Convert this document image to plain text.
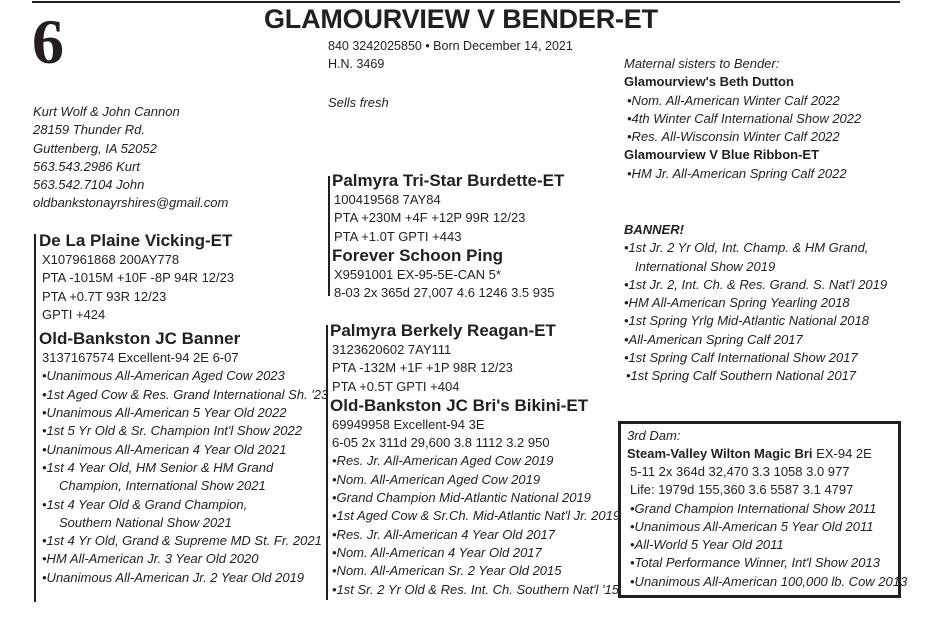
6	GLAMOURVIEW V BENDER-ET
840 3242025850 • Born December 14, 2021
H.N. 3469
Sells fresh
Kurt Wolf & John Cannon
28159 Thunder Rd.
Guttenberg, IA 52052
563.543.2986 Kurt
563.542.7104 John
oldbankstonayrshires@gmail.com
Palmyra Tri-Star Burdette-ET
100419568 7AY84
PTA +230M +4F +12P 99R 12/23
PTA +1.0T GPTI +443
Forever Schoon Ping
X9591001 EX-95-5E-CAN 5*
8-03 2x 365d 27,007 4.6 1246 3.5 935
Palmyra Berkely Reagan-ET
3123620602 7AY111
PTA -132M +1F +1P 98R 12/23
PTA +0.5T GPTI +404
Old-Bankston JC Bri's Bikini-ET
69949958 Excellent-94 3E
6-05 2x 311d 29,600 3.8 1112 3.2 950
•Res. Jr. All-American Aged Cow 2019
•Nom. All-American Aged Cow 2019
•Grand Champion Mid-Atlantic National 2019
•1st Aged Cow & Sr.Ch. Mid-Atlantic Nat'l Jr. 2019
•Res. Jr. All-American 4 Year Old 2017
•Nom. All-American 4 Year Old 2017
•Nom. All-American Sr. 2 Year Old 2015
•1st Sr. 2 Yr Old & Res. Int. Ch. Southern Nat'l '15
De La Plaine Vicking-ET
X107961868 200AY778
PTA -1015M +10F -8P 94R 12/23
PTA +0.7T 93R 12/23
GPTI +424
Old-Bankston JC Banner
3137167574 Excellent-94 2E 6-07
•Unanimous All-American Aged Cow 2023
•1st Aged Cow & Res. Grand International Sh. '23
•Unanimous All-American 5 Year Old 2022
•1st 5 Yr Old & Sr. Champion Int'l Show 2022
•Unanimous All-American 4 Year Old 2021
•1st 4 Year Old, HM Senior & HM Grand
Champion, International Show 2021
•1st 4 Year Old & Grand Champion,
Southern National Show 2021
•1st 4 Yr Old, Grand & Supreme MD St. Fr. 2021
•HM All-American Jr. 3 Year Old 2020
•Unanimous All-American Jr. 2 Year Old 2019
Maternal sisters to Bender:
Glamourview's Beth Dutton
•Nom. All-American Winter Calf 2022
•4th Winter Calf International Show 2022
•Res. All-Wisconsin Winter Calf 2022
Glamourview V Blue Ribbon-ET
•HM Jr. All-American Spring Calf 2022
BANNER!
•1st Jr. 2 Yr Old, Int. Champ. & HM Grand,
International Show 2019
•1st Jr. 2, Int. Ch. & Res. Grand. S. Nat'l 2019
•HM All-American Spring Yearling 2018
•1st Spring Yrlg Mid-Atlantic National 2018
•All-American Spring Calf 2017
•1st Spring Calf International Show 2017
•1st Spring Calf Southern National 2017
3rd Dam:
Steam-Valley Wilton Magic Bri EX-94 2E
5-11 2x 364d 32,470 3.3 1058 3.0 977
Life: 1979d 155,360 3.6 5587 3.1 4797
•Grand Champion International Show 2011
•Unanimous All-American 5 Year Old 2011
•All-World 5 Year Old 2011
•Total Performance Winner, Int'l Show 2013
•Unanimous All-American 100,000 lb. Cow 2013
